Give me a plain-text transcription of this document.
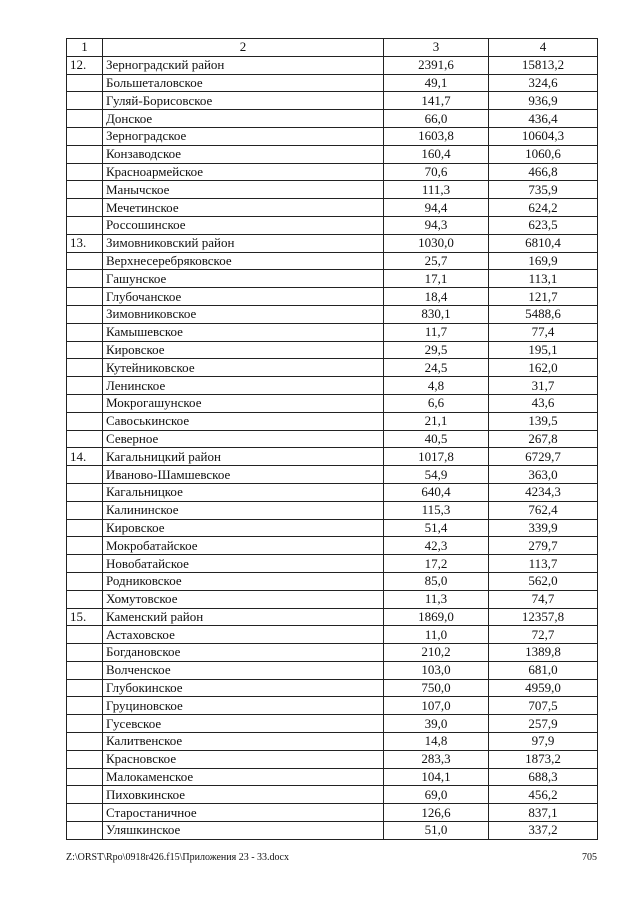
1	2	3	4
12.	Зерноградский район	2391,6	15813,2
	Большеталовское	49,1	324,6
	Гуляй-Борисовское	141,7	936,9
	Донское	66,0	436,4
	Зерноградское	1603,8	10604,3
	Конзаводское	160,4	1060,6
	Красноармейское	70,6	466,8
	Манычское	111,3	735,9
	Мечетинское	94,4	624,2
	Россошинское	94,3	623,5
13.	Зимовниковский район	1030,0	6810,4
	Верхнесеребряковское	25,7	169,9
	Гашунское	17,1	113,1
	Глубочанское	18,4	121,7
	Зимовниковское	830,1	5488,6
	Камышевское	11,7	77,4
	Кировское	29,5	195,1
	Кутейниковское	24,5	162,0
	Ленинское	4,8	31,7
	Мокрогашунское	6,6	43,6
	Савоськинское	21,1	139,5
	Северное	40,5	267,8
14.	Кагальницкий район	1017,8	6729,7
	Иваново-Шамшевское	54,9	363,0
	Кагальницкое	640,4	4234,3
	Калининское	115,3	762,4
	Кировское	51,4	339,9
	Мокробатайское	42,3	279,7
	Новобатайское	17,2	113,7
	Родниковское	85,0	562,0
	Хомутовское	11,3	74,7
15.	Каменский район	1869,0	12357,8
	Астаховское	11,0	72,7
	Богдановское	210,2	1389,8
	Волченское	103,0	681,0
	Глубокинское	750,0	4959,0
	Груциновское	107,0	707,5
	Гусевское	39,0	257,9
	Калитвенское	14,8	97,9
	Красновское	283,3	1873,2
	Малокаменское	104,1	688,3
	Пиховкинское	69,0	456,2
	Старостаничное	126,6	837,1
	Уляшкинское	51,0	337,2
Z:\ORST\Rpo\0918r426.f15\Приложения 23 - 33.docx	705
